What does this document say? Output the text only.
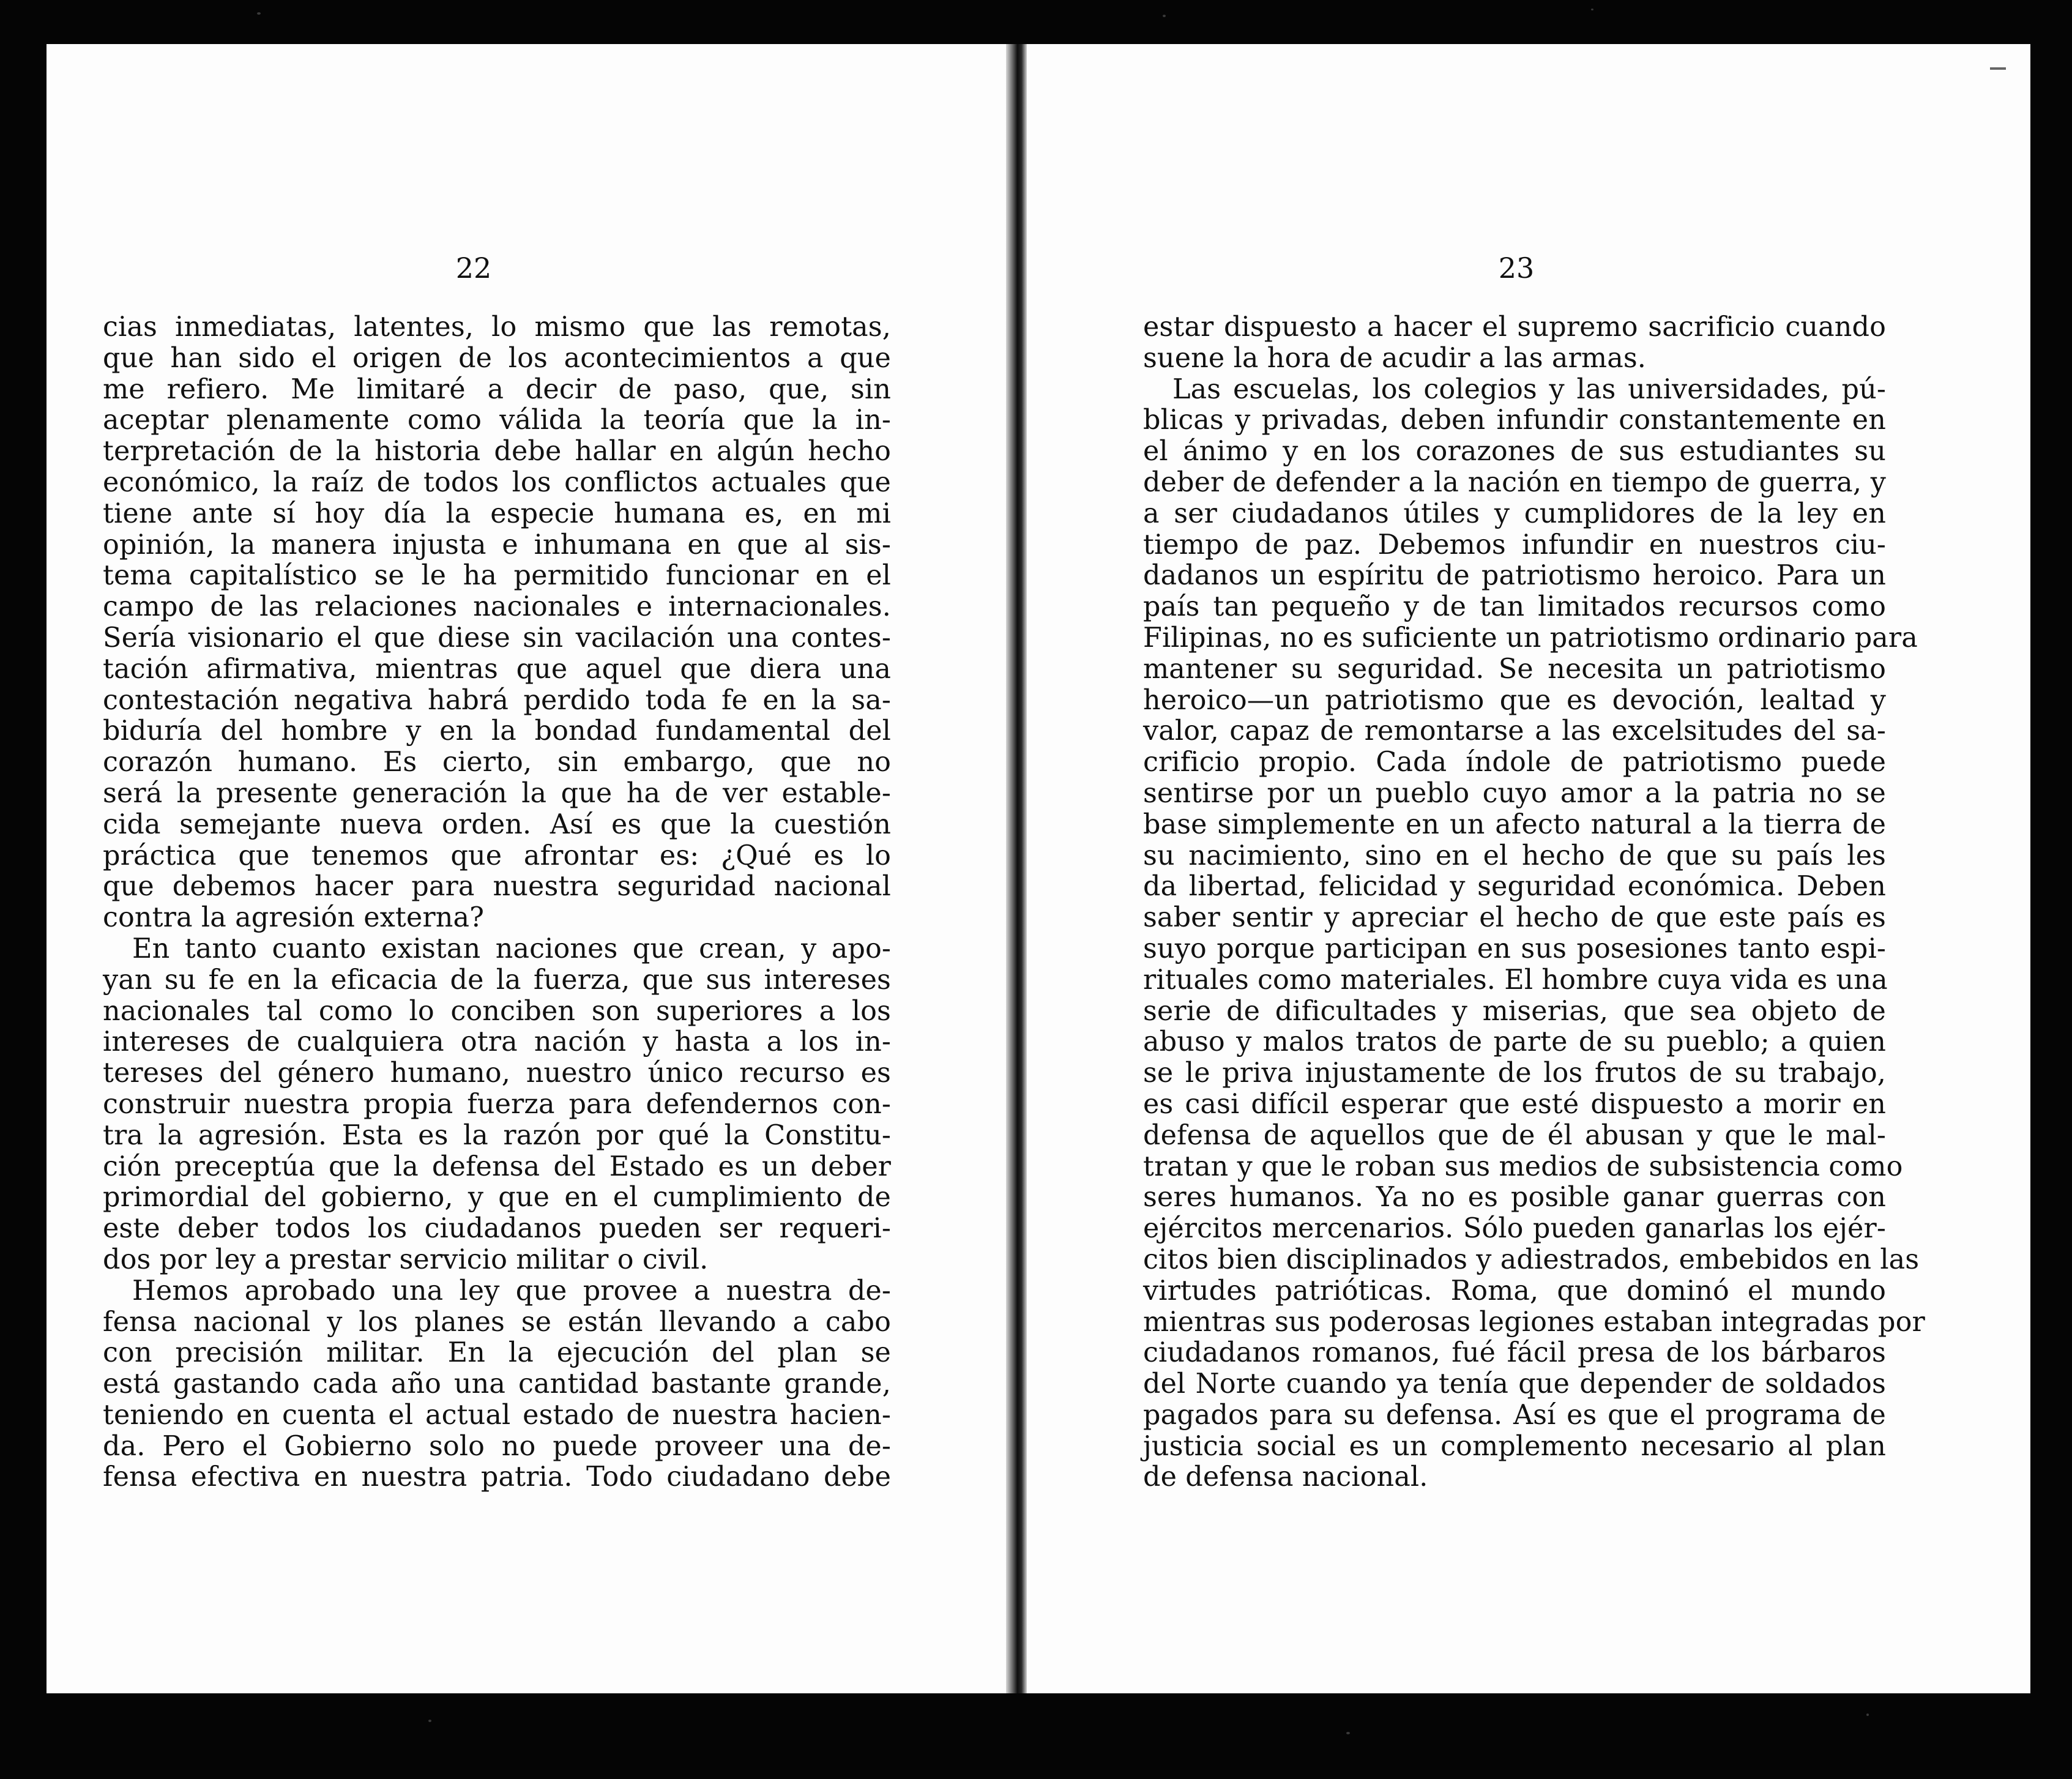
22
cias inmediatas, latentes, lo mismo que las remotas,
que han sido el origen de los acontecimientos a que
me refiero. Me limitaré a decir de paso, que, sin
aceptar plenamente como válida la teoría que la in-
terpretación de la historia debe hallar en algún hecho
económico, la raíz de todos los conflictos actuales que
tiene ante sí hoy día la especie humana es, en mi
opinión, la manera injusta e inhumana en que al sis-
tema capitalístico se le ha permitido funcionar en el
campo de las relaciones nacionales e internacionales.
Sería visionario el que diese sin vacilación una contes-
tación afirmativa, mientras que aquel que diera una
contestación negativa habrá perdido toda fe en la sa-
biduría del hombre y en la bondad fundamental del
corazón humano. Es cierto, sin embargo, que no
será la presente generación la que ha de ver estable-
cida semejante nueva orden. Así es que la cuestión
práctica que tenemos que afrontar es: ¿Qué es lo
que debemos hacer para nuestra seguridad nacional
contra la agresión externa?
En tanto cuanto existan naciones que crean, y apo-
yan su fe en la eficacia de la fuerza, que sus intereses
nacionales tal como lo conciben son superiores a los
intereses de cualquiera otra nación y hasta a los in-
tereses del género humano, nuestro único recurso es
construir nuestra propia fuerza para defendernos con-
tra la agresión. Esta es la razón por qué la Constitu-
ción preceptúa que la defensa del Estado es un deber
primordial del gobierno, y que en el cumplimiento de
este deber todos los ciudadanos pueden ser requeri-
dos por ley a prestar servicio militar o civil.
Hemos aprobado una ley que provee a nuestra de-
fensa nacional y los planes se están llevando a cabo
con precisión militar. En la ejecución del plan se
está gastando cada año una cantidad bastante grande,
teniendo en cuenta el actual estado de nuestra hacien-
da. Pero el Gobierno solo no puede proveer una de-
fensa efectiva en nuestra patria. Todo ciudadano debe
23
estar dispuesto a hacer el supremo sacrificio cuando
suene la hora de acudir a las armas.
Las escuelas, los colegios y las universidades, pú-
blicas y privadas, deben infundir constantemente en
el ánimo y en los corazones de sus estudiantes su
deber de defender a la nación en tiempo de guerra, y
a ser ciudadanos útiles y cumplidores de la ley en
tiempo de paz. Debemos infundir en nuestros ciu-
dadanos un espíritu de patriotismo heroico. Para un
país tan pequeño y de tan limitados recursos como
Filipinas, no es suficiente un patriotismo ordinario para
mantener su seguridad. Se necesita un patriotismo
heroico—un patriotismo que es devoción, lealtad y
valor, capaz de remontarse a las excelsitudes del sa-
crificio propio. Cada índole de patriotismo puede
sentirse por un pueblo cuyo amor a la patria no se
base simplemente en un afecto natural a la tierra de
su nacimiento, sino en el hecho de que su país les
da libertad, felicidad y seguridad económica. Deben
saber sentir y apreciar el hecho de que este país es
suyo porque participan en sus posesiones tanto espi-
rituales como materiales. El hombre cuya vida es una
serie de dificultades y miserias, que sea objeto de
abuso y malos tratos de parte de su pueblo; a quien
se le priva injustamente de los frutos de su trabajo,
es casi difícil esperar que esté dispuesto a morir en
defensa de aquellos que de él abusan y que le mal-
tratan y que le roban sus medios de subsistencia como
seres humanos. Ya no es posible ganar guerras con
ejércitos mercenarios. Sólo pueden ganarlas los ejér-
citos bien disciplinados y adiestrados, embebidos en las
virtudes patrióticas. Roma, que dominó el mundo
mientras sus poderosas legiones estaban integradas por
ciudadanos romanos, fué fácil presa de los bárbaros
del Norte cuando ya tenía que depender de soldados
pagados para su defensa. Así es que el programa de
justicia social es un complemento necesario al plan
de defensa nacional.
